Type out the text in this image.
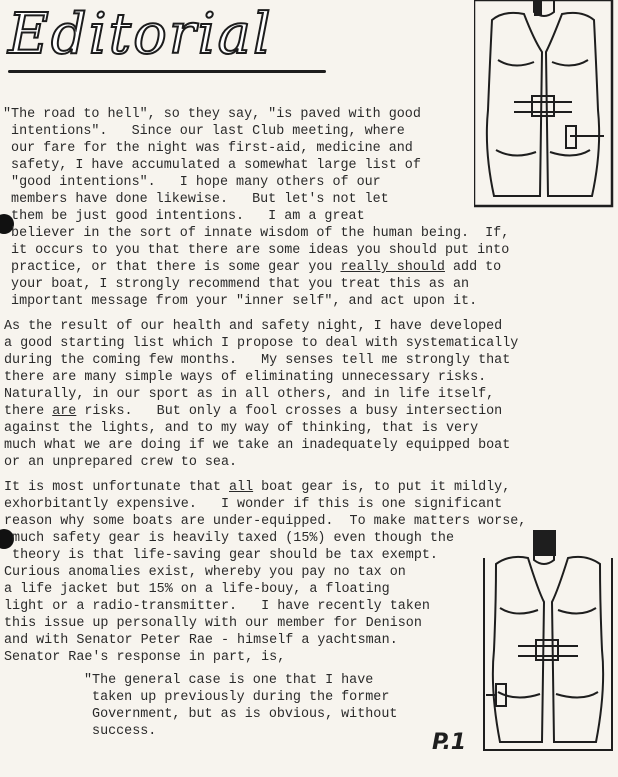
Editorial
"The road to hell", so they say, "is paved with good
intentions".   Since our last Club meeting, where
our fare for the night was first-aid, medicine and
safety, I have accumulated a somewhat large list of
"good intentions".   I hope many others of our
members have done likewise.   But let's not let
them be just good intentions.   I am a great
believer in the sort of innate wisdom of the human being.  If,
it occurs to you that there are some ideas you should put into
practice, or that there is some gear you really should add to
your boat, I strongly recommend that you treat this as an
important message from your "inner self", and act upon it.
As the result of our health and safety night, I have developed
a good starting list which I propose to deal with systematically
during the coming few months.   My senses tell me strongly that
there are many simple ways of eliminating unnecessary risks.
Naturally, in our sport as in all others, and in life itself,
there are risks.   But only a fool crosses a busy intersection
against the lights, and to my way of thinking, that is very
much what we are doing if we take an inadequately equipped boat
or an unprepared crew to sea.
It is most unfortunate that all boat gear is, to put it mildly,
exhorbitantly expensive.   I wonder if this is one significant
reason why some boats are under-equipped.  To make matters worse,
much safety gear is heavily taxed (15%) even though the
theory is that life-saving gear should be tax exempt.
Curious anomalies exist, whereby you pay no tax on
a life jacket but 15% on a life-bouy, a floating
light or a radio-transmitter.   I have recently taken
this issue up personally with our member for Denison
and with Senator Peter Rae - himself a yachtsman.
Senator Rae's response in part, is,
"The general case is one that I have
taken up previously during the former
Government, but as is obvious, without
success.	P.1
